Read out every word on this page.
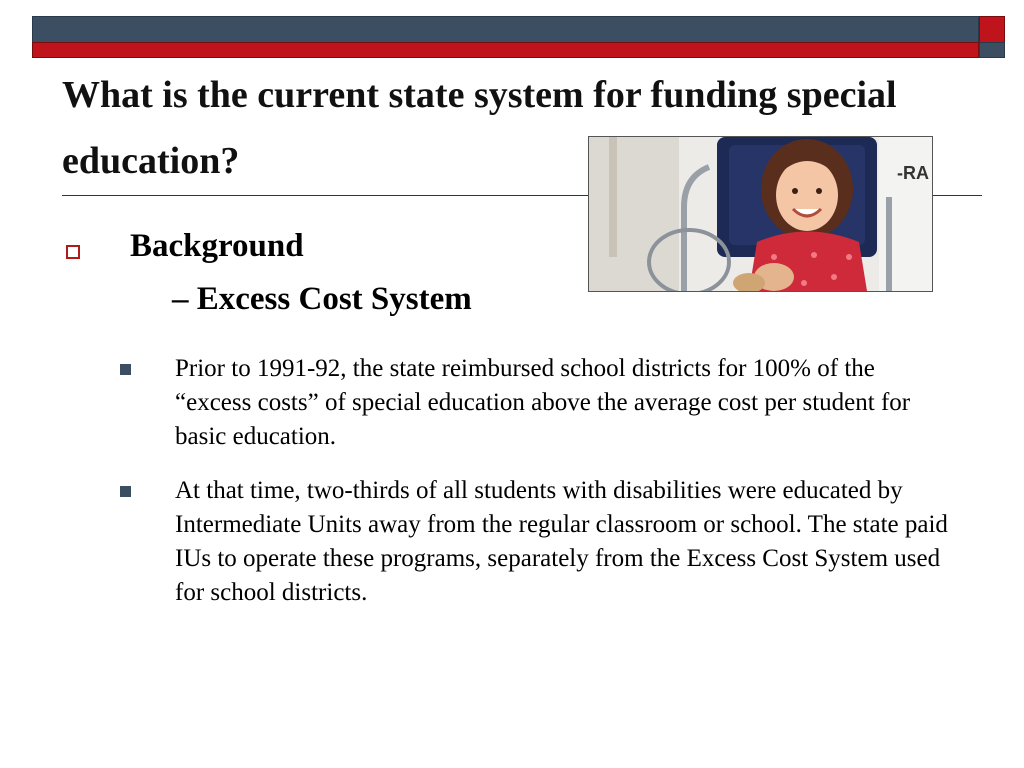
What is the current state system for funding special education?	-RA
Background
– Excess Cost System
Prior to 1991-92, the state reimbursed school districts for 100% of the “excess costs” of special education above the average cost per student for basic education.
At that time, two-thirds of all students with disabilities were educated by Intermediate Units away from the regular classroom or school. The state paid IUs to operate these programs, separately from the Excess Cost System used for school districts.
